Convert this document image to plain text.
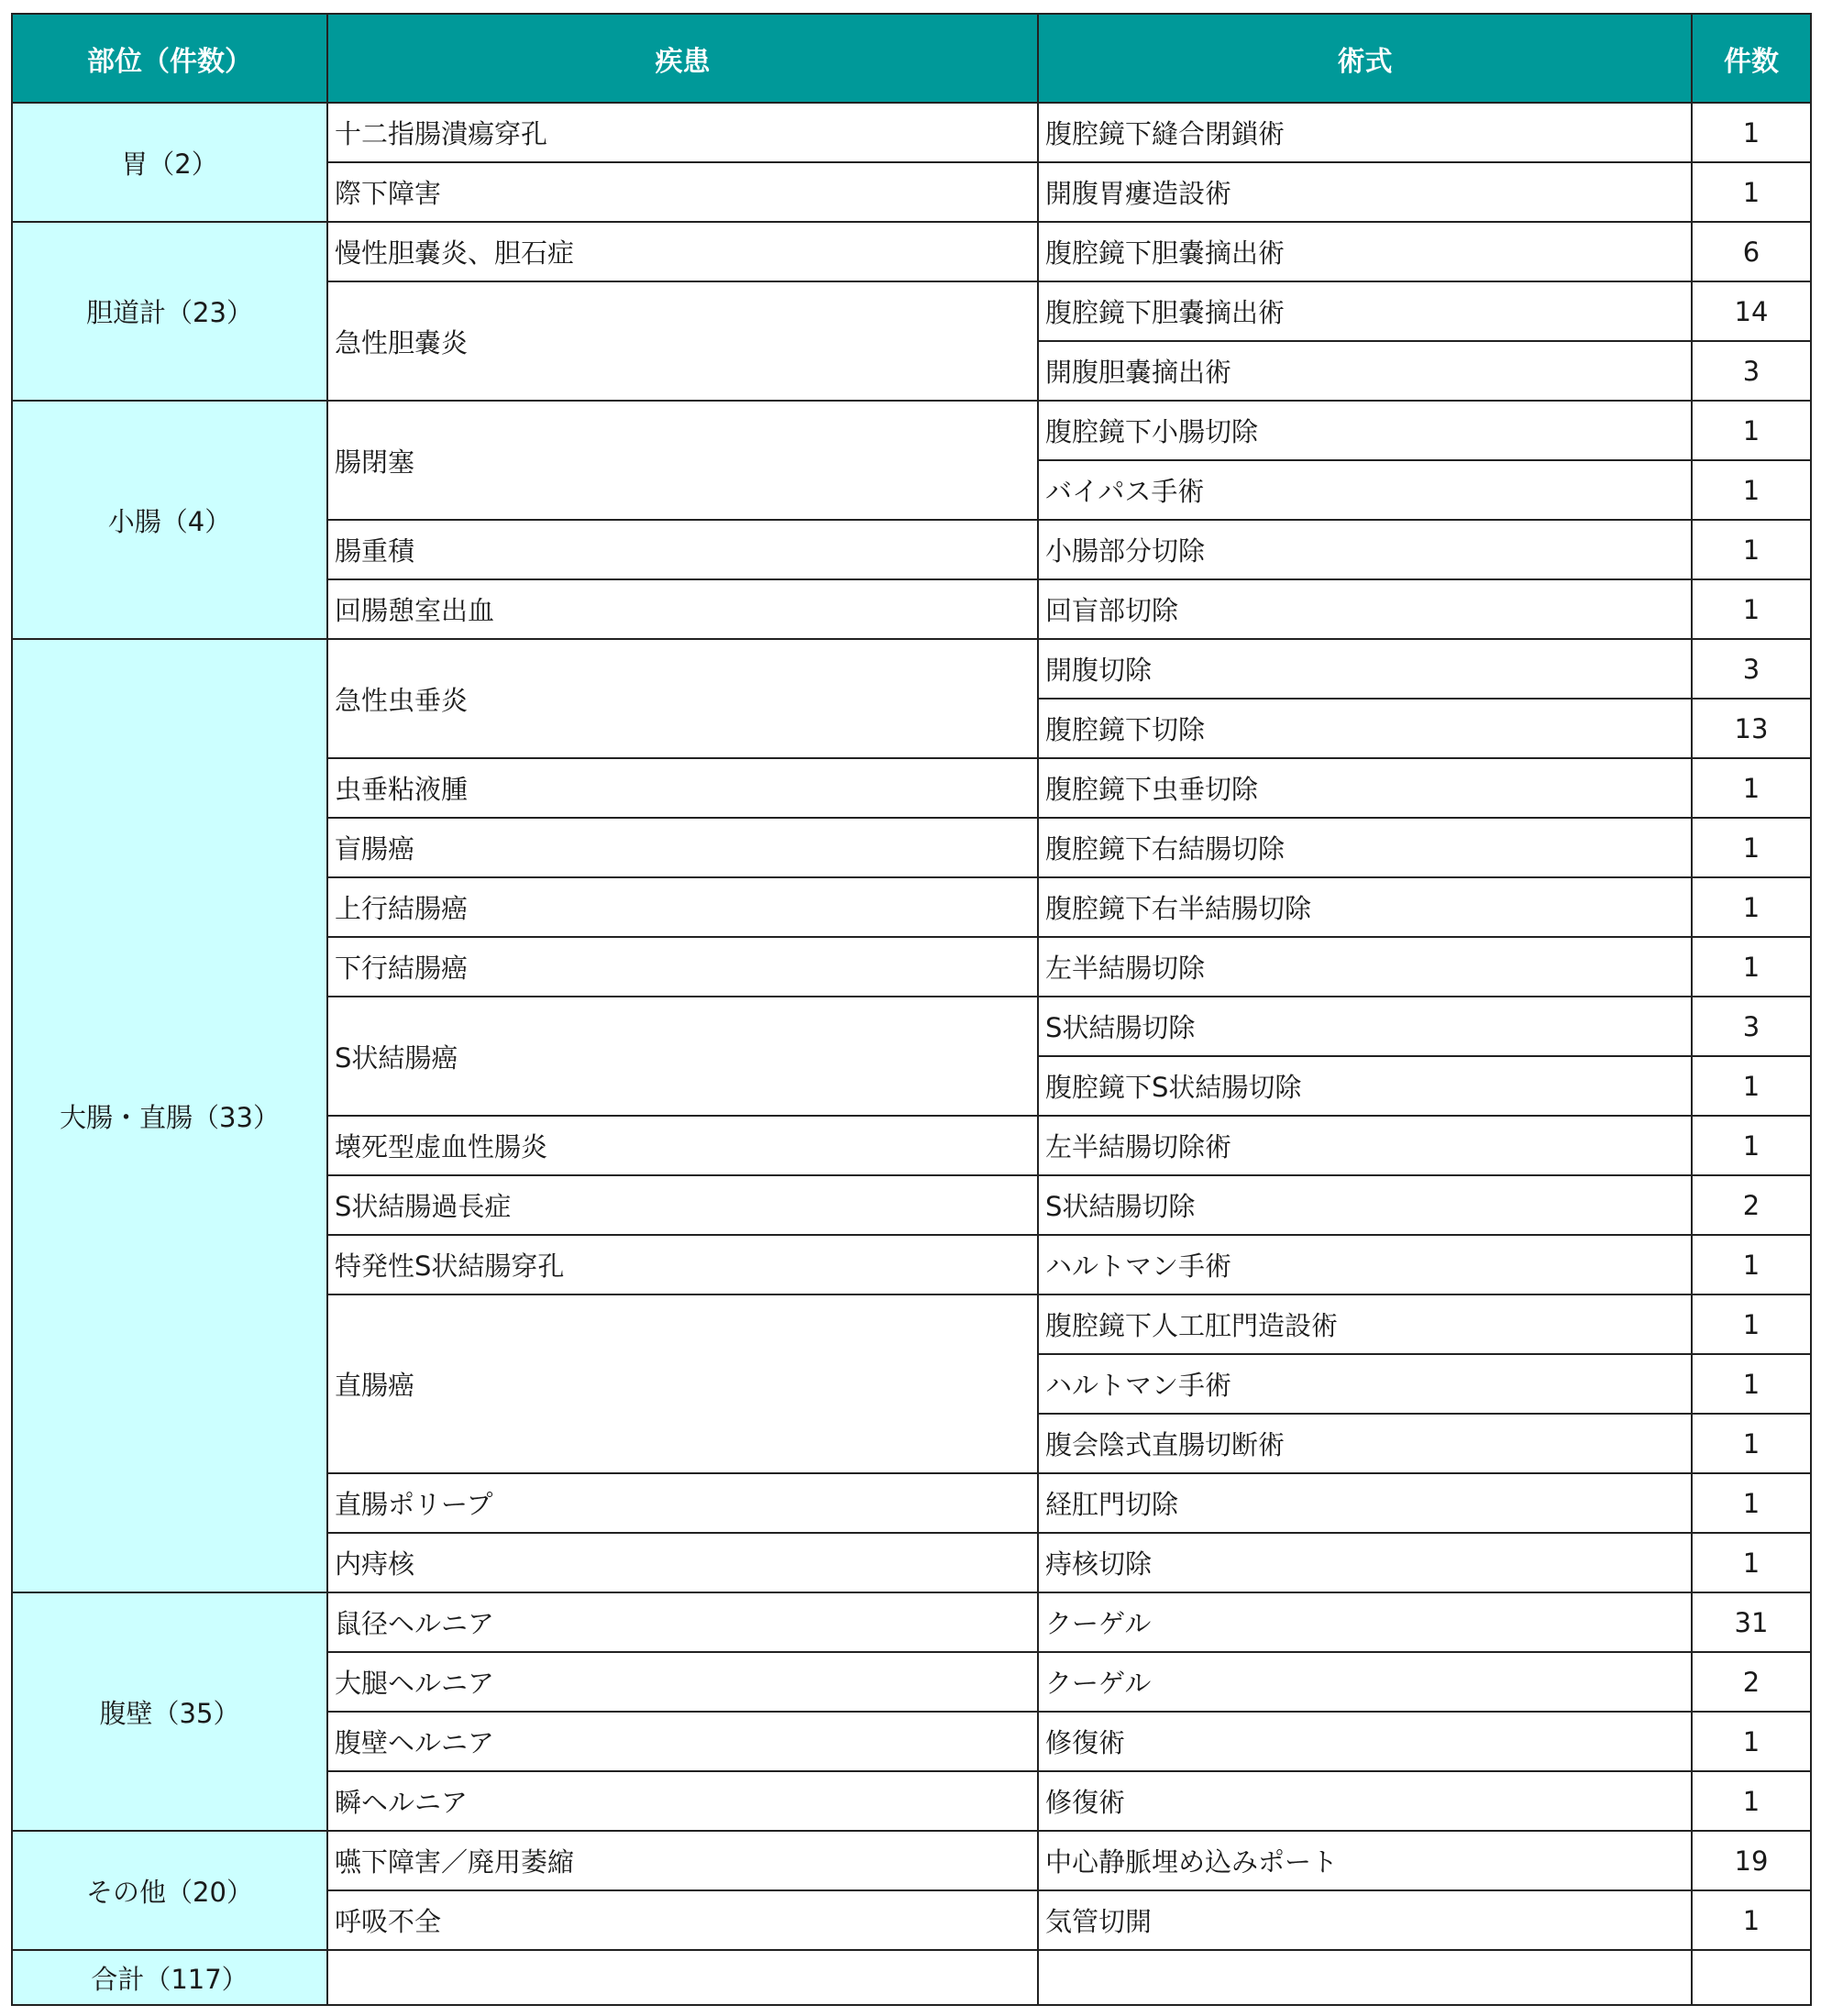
部位（件数）	疾患	術式	件数
胃（2）	十二指腸潰瘍穿孔	腹腔鏡下縫合閉鎖術	1
	際下障害	開腹胃瘻造設術	1
胆道計（23）	慢性胆嚢炎、胆石症	腹腔鏡下胆嚢摘出術	6
	急性胆嚢炎	腹腔鏡下胆嚢摘出術	14
		開腹胆嚢摘出術	3
小腸（4）	腸閉塞	腹腔鏡下小腸切除	1
		バイパス手術	1
	腸重積	小腸部分切除	1
	回腸憩室出血	回盲部切除	1
大腸・直腸（33）	急性虫垂炎	開腹切除	3
		腹腔鏡下切除	13
	虫垂粘液腫	腹腔鏡下虫垂切除	1
	盲腸癌	腹腔鏡下右結腸切除	1
	上行結腸癌	腹腔鏡下右半結腸切除	1
	下行結腸癌	左半結腸切除	1
	S状結腸癌	S状結腸切除	3
		腹腔鏡下S状結腸切除	1
	壊死型虚血性腸炎	左半結腸切除術	1
	S状結腸過長症	S状結腸切除	2
	特発性S状結腸穿孔	ハルトマン手術	1
	直腸癌	腹腔鏡下人工肛門造設術	1
		ハルトマン手術	1
		腹会陰式直腸切断術	1
	直腸ポリープ	経肛門切除	1
	内痔核	痔核切除	1
腹壁（35）	鼠径ヘルニア	クーゲル	31
	大腿ヘルニア	クーゲル	2
	腹壁ヘルニア	修復術	1
	瞬ヘルニア	修復術	1
その他（20）	嚥下障害／廃用萎縮	中心静脈埋め込みポート	19
	呼吸不全	気管切開	1
合計（117）			
